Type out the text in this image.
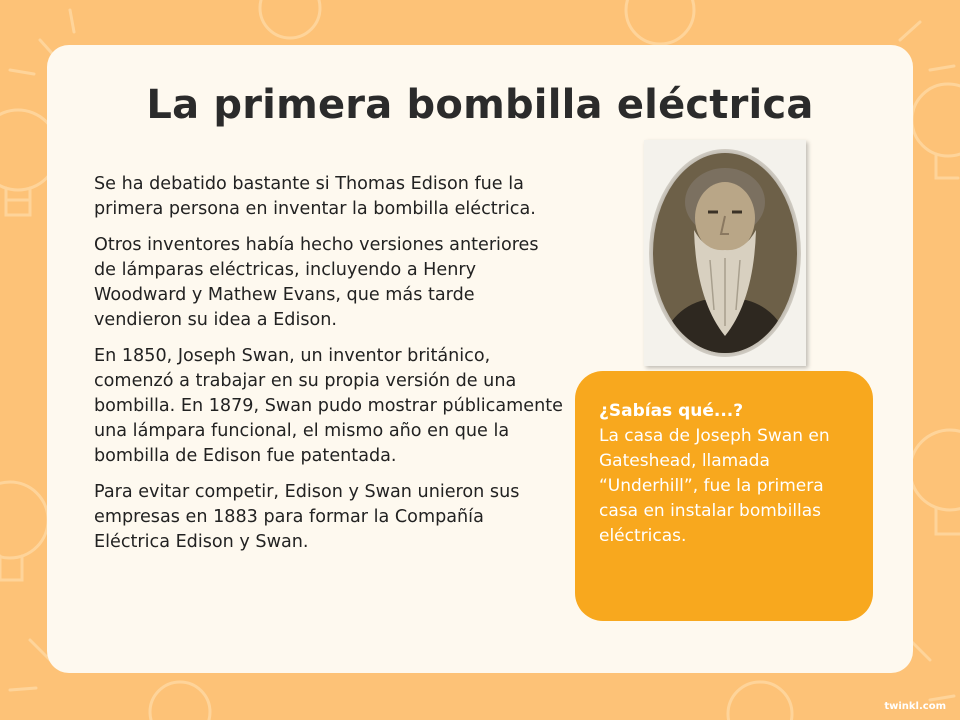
La primera bombilla eléctrica

Se ha debatido bastante si Thomas Edison fue la primera persona en inventar la bombilla eléctrica.

Otros inventores había hecho versiones anteriores de lámparas eléctricas, incluyendo a Henry Woodward y Mathew Evans, que más tarde vendieron su idea a Edison.

En 1850, Joseph Swan, un inventor británico, comenzó a trabajar en su propia versión de una bombilla. En 1879, Swan pudo mostrar públicamente una lámpara funcional, el mismo año en que la bombilla de Edison fue patentada.

Para evitar competir, Edison y Swan unieron sus empresas en 1883 para formar la Compañía Eléctrica Edison y Swan.

¿Sabías qué...?
La casa de Joseph Swan en Gateshead, llamada “Underhill”, fue la primera casa en instalar bombillas eléctricas.
twinkl.com
